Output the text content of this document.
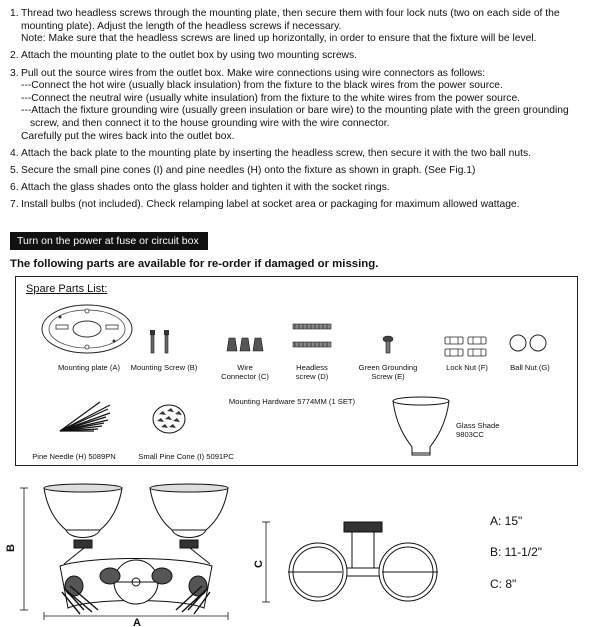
1. Thread two headless screws through the mounting plate, then secure them with four lock nuts (two on each side of the
mounting plate). Adjust the length of the headless screws if necessary.
Note: Make sure that the headless screws are lined up horizontally, in order to ensure that the fixture will be level.
2. Attach the mounting plate to the outlet box by using two mounting screws.
3. Pull out the source wires from the outlet box. Make wire connections using wire connectors as follows:
---Connect the hot wire (usually black insulation) from the fixture to the black wires from the power source.
---Connect the neutral wire (usually white insulation) from the fixture to the white wires from the power source.
---Attach the fixture grounding wire (usually green insulation or bare wire) to the mounting plate with the green grounding
screw, and then connect it to the house grounding wire with the wire connector.
Carefully put the wires back into the outlet box.
4. Attach the back plate to the mounting plate by inserting the headless screw, then secure it with the two ball nuts.
5. Secure the small pine cones (I) and pine needles (H) onto the fixture as shown in graph. (See Fig.1)
6. Attach the glass shades onto the glass holder and tighten it with the socket rings.
7. Install bulbs (not included). Check relamping label at socket area or packaging for maximum allowed wattage.
Turn on the power at fuse or circuit box
The following parts are available for re-order if damaged or missing.
Spare Parts List:
Mounting plate (A)	Mounting Screw (B)	Wire
Connector (C)
Headless
screw (D)
Green Grounding
Screw (E)
Lock Nut (F)	Ball Nut (G)
Mounting Hardware 5774MM (1 SET)
Pine Needle (H) 5089PN	Small Pine Cone (I) 5091PC
Glass Shade
9803CC
A
B
C
A: 15"
B: 11-1/2"
C: 8"
